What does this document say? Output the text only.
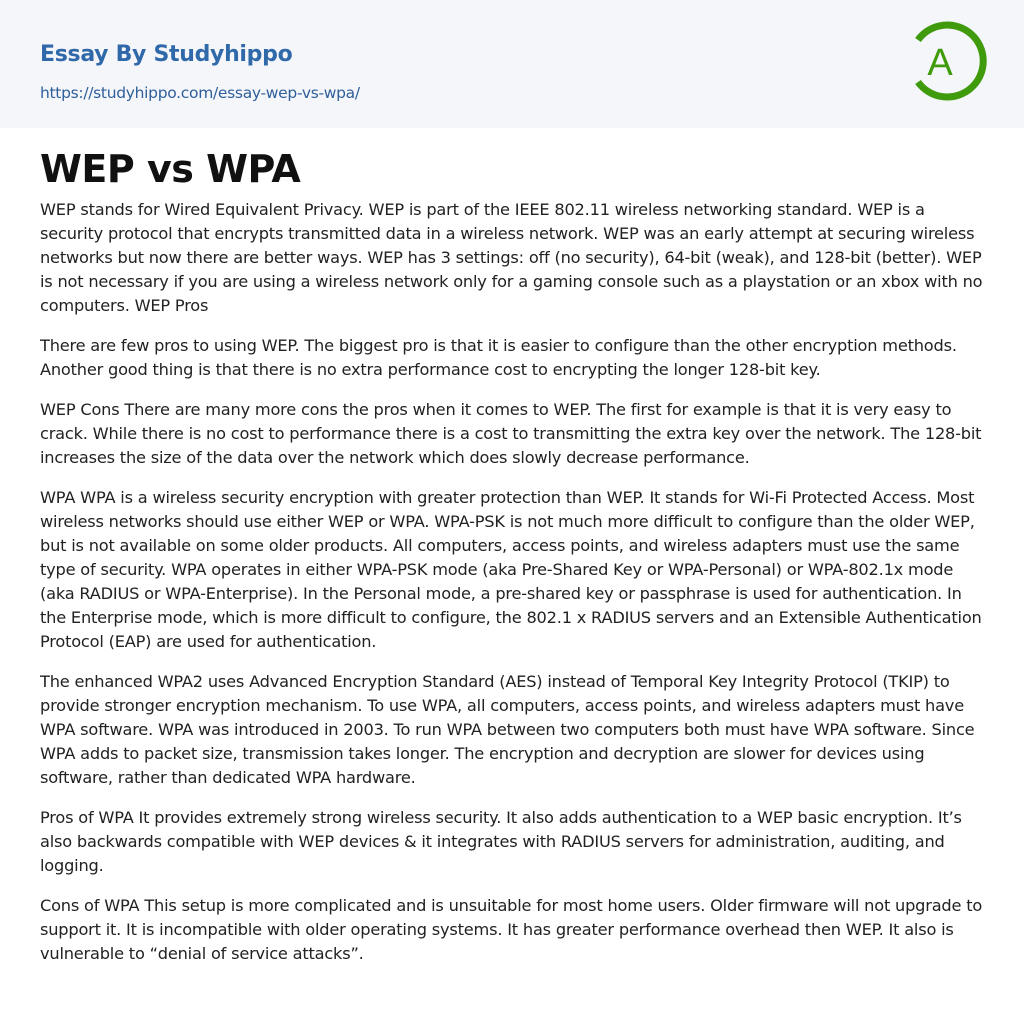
Essay By Studyhippo
https://studyhippo.com/essay-wep-vs-wpa/
A
WEP vs WPA

WEP stands for Wired Equivalent Privacy. WEP is part of the IEEE 802.11 wireless networking standard. WEP is a security protocol that encrypts transmitted data in a wireless network. WEP was an early attempt at securing wireless networks but now there are better ways. WEP has 3 settings: off (no security), 64-bit (weak), and 128-bit (better). WEP is not necessary if you are using a wireless network only for a gaming console such as a playstation or an xbox with no computers. WEP Pros

There are few pros to using WEP. The biggest pro is that it is easier to configure than the other encryption methods. Another good thing is that there is no extra performance cost to encrypting the longer 128-bit key.

WEP Cons There are many more cons the pros when it comes to WEP. The first for example is that it is very easy to crack. While there is no cost to performance there is a cost to transmitting the extra key over the network. The 128-bit increases the size of the data over the network which does slowly decrease performance.

WPA WPA is a wireless security encryption with greater protection than WEP. It stands for Wi-Fi Protected Access. Most wireless networks should use either WEP or WPA. WPA-PSK is not much more difficult to configure than the older WEP, but is not available on some older products. All computers, access points, and wireless adapters must use the same type of security. WPA operates in either WPA-PSK mode (aka Pre-Shared Key or WPA-Personal) or WPA-802.1x mode (aka RADIUS or WPA-Enterprise). In the Personal mode, a pre-shared key or passphrase is used for authentication. In the Enterprise mode, which is more difficult to configure, the 802.1 x RADIUS servers and an Extensible Authentication Protocol (EAP) are used for authentication.

The enhanced WPA2 uses Advanced Encryption Standard (AES) instead of Temporal Key Integrity Protocol (TKIP) to provide stronger encryption mechanism. To use WPA, all computers, access points, and wireless adapters must have WPA software. WPA was introduced in 2003. To run WPA between two computers both must have WPA software. Since WPA adds to packet size, transmission takes longer. The encryption and decryption are slower for devices using software, rather than dedicated WPA hardware.

Pros of WPA It provides extremely strong wireless security. It also adds authentication to a WEP basic encryption. It’s also backwards compatible with WEP devices & it integrates with RADIUS servers for administration, auditing, and logging.

Cons of WPA This setup is more complicated and is unsuitable for most home users. Older firmware will not upgrade to support it. It is incompatible with older operating systems. It has greater performance overhead then WEP. It also is vulnerable to “denial of service attacks”.
